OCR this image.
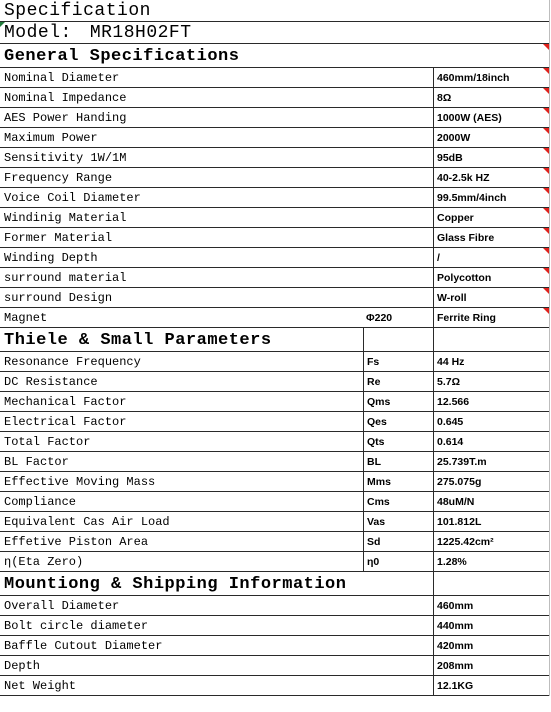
Specification
Model: MR18H02FT
General Specifications
Nominal Diameter	460mm/18inch
Nominal Impedance	8Ω
AES Power Handing	1000W (AES)
Maximum Power	2000W
Sensitivity 1W/1M	95dB
Frequency Range	40-2.5k HZ
Voice Coil Diameter	99.5mm/4inch
Windinig Material	Copper
Former Material	Glass Fibre
Winding Depth	/
surround material	Polycotton
surround Design	W-roll
Magnet	Φ220	Ferrite Ring
Thiele & Small Parameters
Resonance Frequency	Fs	44 Hz
DC Resistance	Re	5.7Ω
Mechanical Factor	Qms	12.566
Electrical Factor	Qes	0.645
Total Factor	Qts	0.614
BL Factor	BL	25.739T.m
Effective Moving Mass	Mms	275.075g
Compliance	Cms	48uM/N
Equivalent Cas Air Load	Vas	101.812L
Effetive Piston Area	Sd	1225.42cm²
η(Eta Zero)	η0	1.28%
Mountiong & Shipping Information
Overall Diameter	460mm
Bolt circle diameter	440mm
Baffle Cutout Diameter	420mm
Depth	208mm
Net Weight	12.1KG
